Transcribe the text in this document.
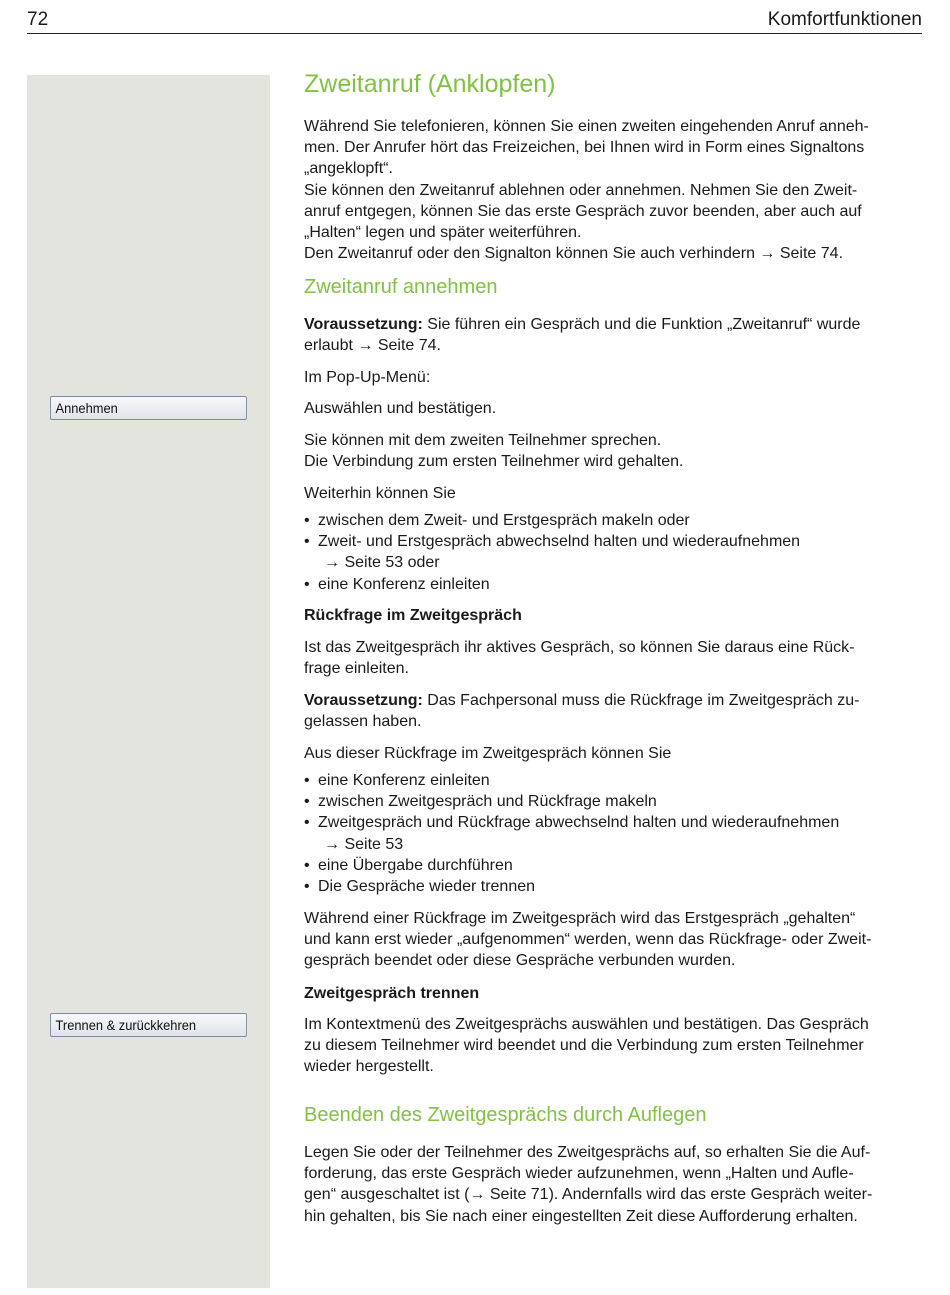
72	Komfortfunktionen
Annehmen
Trennen & zurückkehren
Zweitanruf (Anklopfen)

Während Sie telefonieren, können Sie einen zweiten eingehenden Anruf anneh-
men. Der Anrufer hört das Freizeichen, bei Ihnen wird in Form eines Signaltons
„angeklopft“.
Sie können den Zweitanruf ablehnen oder annehmen. Nehmen Sie den Zweit-
anruf entgegen, können Sie das erste Gespräch zuvor beenden, aber auch auf
„Halten“ legen und später weiterführen.
Den Zweitanruf oder den Signalton können Sie auch verhindern → Seite 74.

Zweitanruf annehmen

Voraussetzung: Sie führen ein Gespräch und die Funktion „Zweitanruf“ wurde
erlaubt → Seite 74.

Im Pop-Up-Menü:

Auswählen und bestätigen.

Sie können mit dem zweiten Teilnehmer sprechen.
Die Verbindung zum ersten Teilnehmer wird gehalten.

Weiterhin können Sie

• zwischen dem Zweit- und Erstgespräch makeln oder
• Zweit- und Erstgespräch abwechselnd halten und wiederaufnehmen
→ Seite 53 oder
• eine Konferenz einleiten
Rückfrage im Zweitgespräch

Ist das Zweitgespräch ihr aktives Gespräch, so können Sie daraus eine Rück-
frage einleiten.

Voraussetzung: Das Fachpersonal muss die Rückfrage im Zweitgespräch zu-
gelassen haben.

Aus dieser Rückfrage im Zweitgespräch können Sie

• eine Konferenz einleiten
• zwischen Zweitgespräch und Rückfrage makeln
• Zweitgespräch und Rückfrage abwechselnd halten und wiederaufnehmen
→ Seite 53
• eine Übergabe durchführen
• Die Gespräche wieder trennen

Während einer Rückfrage im Zweitgespräch wird das Erstgespräch „gehalten“
und kann erst wieder „aufgenommen“ werden, wenn das Rückfrage- oder Zweit-
gespräch beendet oder diese Gespräche verbunden wurden.

Zweitgespräch trennen

Im Kontextmenü des Zweitgesprächs auswählen und bestätigen. Das Gespräch
zu diesem Teilnehmer wird beendet und die Verbindung zum ersten Teilnehmer
wieder hergestellt.

Beenden des Zweitgesprächs durch Auflegen

Legen Sie oder der Teilnehmer des Zweitgesprächs auf, so erhalten Sie die Auf-
forderung, das erste Gespräch wieder aufzunehmen, wenn „Halten und Aufle-
gen“ ausgeschaltet ist (→ Seite 71). Andernfalls wird das erste Gespräch weiter-
hin gehalten, bis Sie nach einer eingestellten Zeit diese Aufforderung erhalten.
